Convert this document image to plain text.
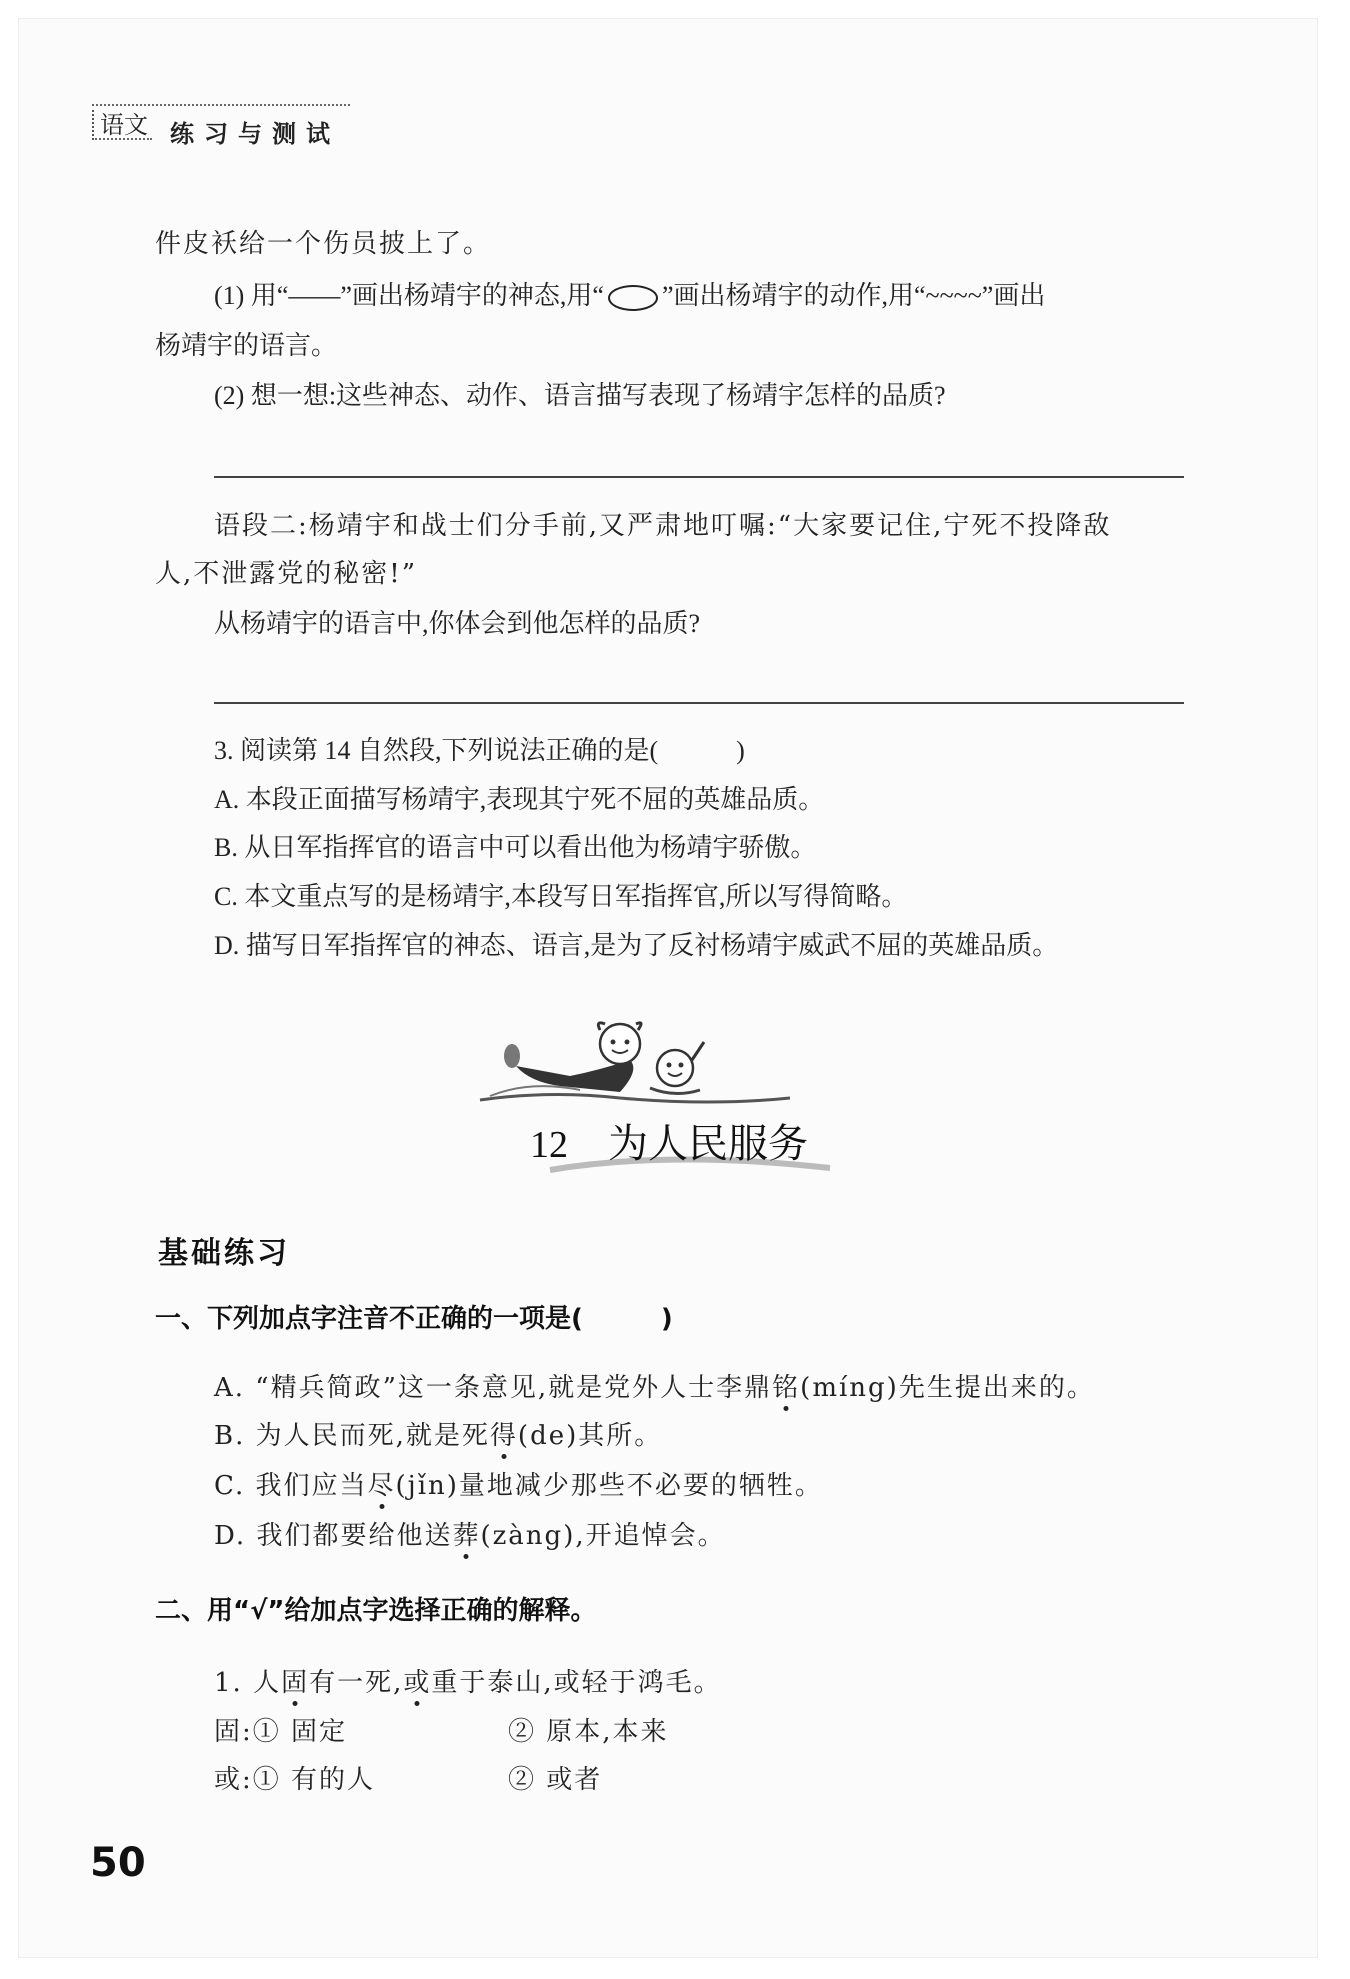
语文 练习与测试
件皮袄给一个伤员披上了。
(1) 用“——”画出杨靖宇的神态,用“ ”画出杨靖宇的动作,用“~~~~”画出
杨靖宇的语言。
(2) 想一想:这些神态、动作、语言描写表现了杨靖宇怎样的品质?
语段二:杨靖宇和战士们分手前,又严肃地叮嘱:“大家要记住,宁死不投降敌
人,不泄露党的秘密!”
从杨靖宇的语言中,你体会到他怎样的品质?
3. 阅读第 14 自然段,下列说法正确的是(　　　)
A. 本段正面描写杨靖宇,表现其宁死不屈的英雄品质。
B. 从日军指挥官的语言中可以看出他为杨靖宇骄傲。
C. 本文重点写的是杨靖宇,本段写日军指挥官,所以写得简略。
D. 描写日军指挥官的神态、语言,是为了反衬杨靖宇威武不屈的英雄品质。
12 为人民服务
基础练习
一、下列加点字注音不正确的一项是(　　　)
A. “精兵简政”这一条意见,就是党外人士李鼎铭(míng)先生提出来的。
B. 为人民而死,就是死得(de)其所。
C. 我们应当尽(jǐn)量地减少那些不必要的牺牲。
D. 我们都要给他送葬(zàng),开追悼会。
二、用“√”给加点字选择正确的解释。
1. 人固有一死,或重于泰山,或轻于鸿毛。
固:① 固定	② 原本,本来
或:① 有的人	② 或者
50
